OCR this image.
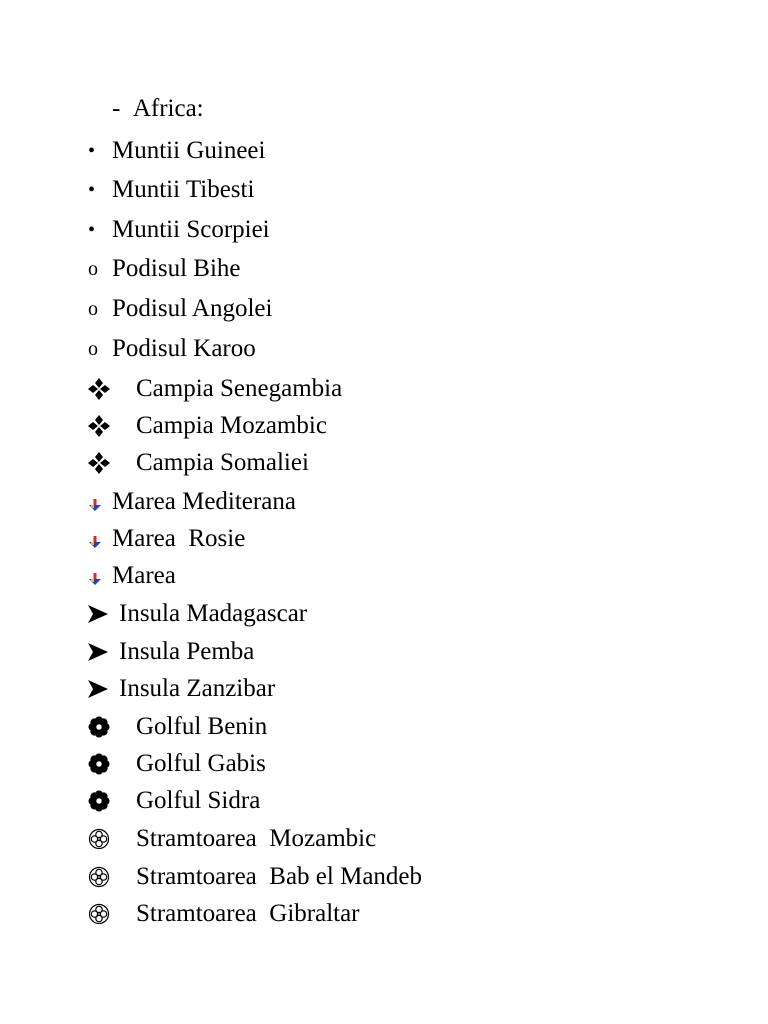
-
Africa:
• Muntii Guineei
• Muntii Tibesti
• Muntii Scorpiei
o Podisul Bihe
o Podisul Angolei
o Podisul Karoo

Campia Senegambia

Campia Mozambic

Campia Somaliei

Marea Mediterana

Marea  Rosie

Marea

Insula Madagascar

Insula Pemba

Insula Zanzibar

Golful Benin

Golful Gabis

Golful Sidra

Stramtoarea  Mozambic

Stramtoarea  Bab el Mandeb

Stramtoarea  Gibraltar
